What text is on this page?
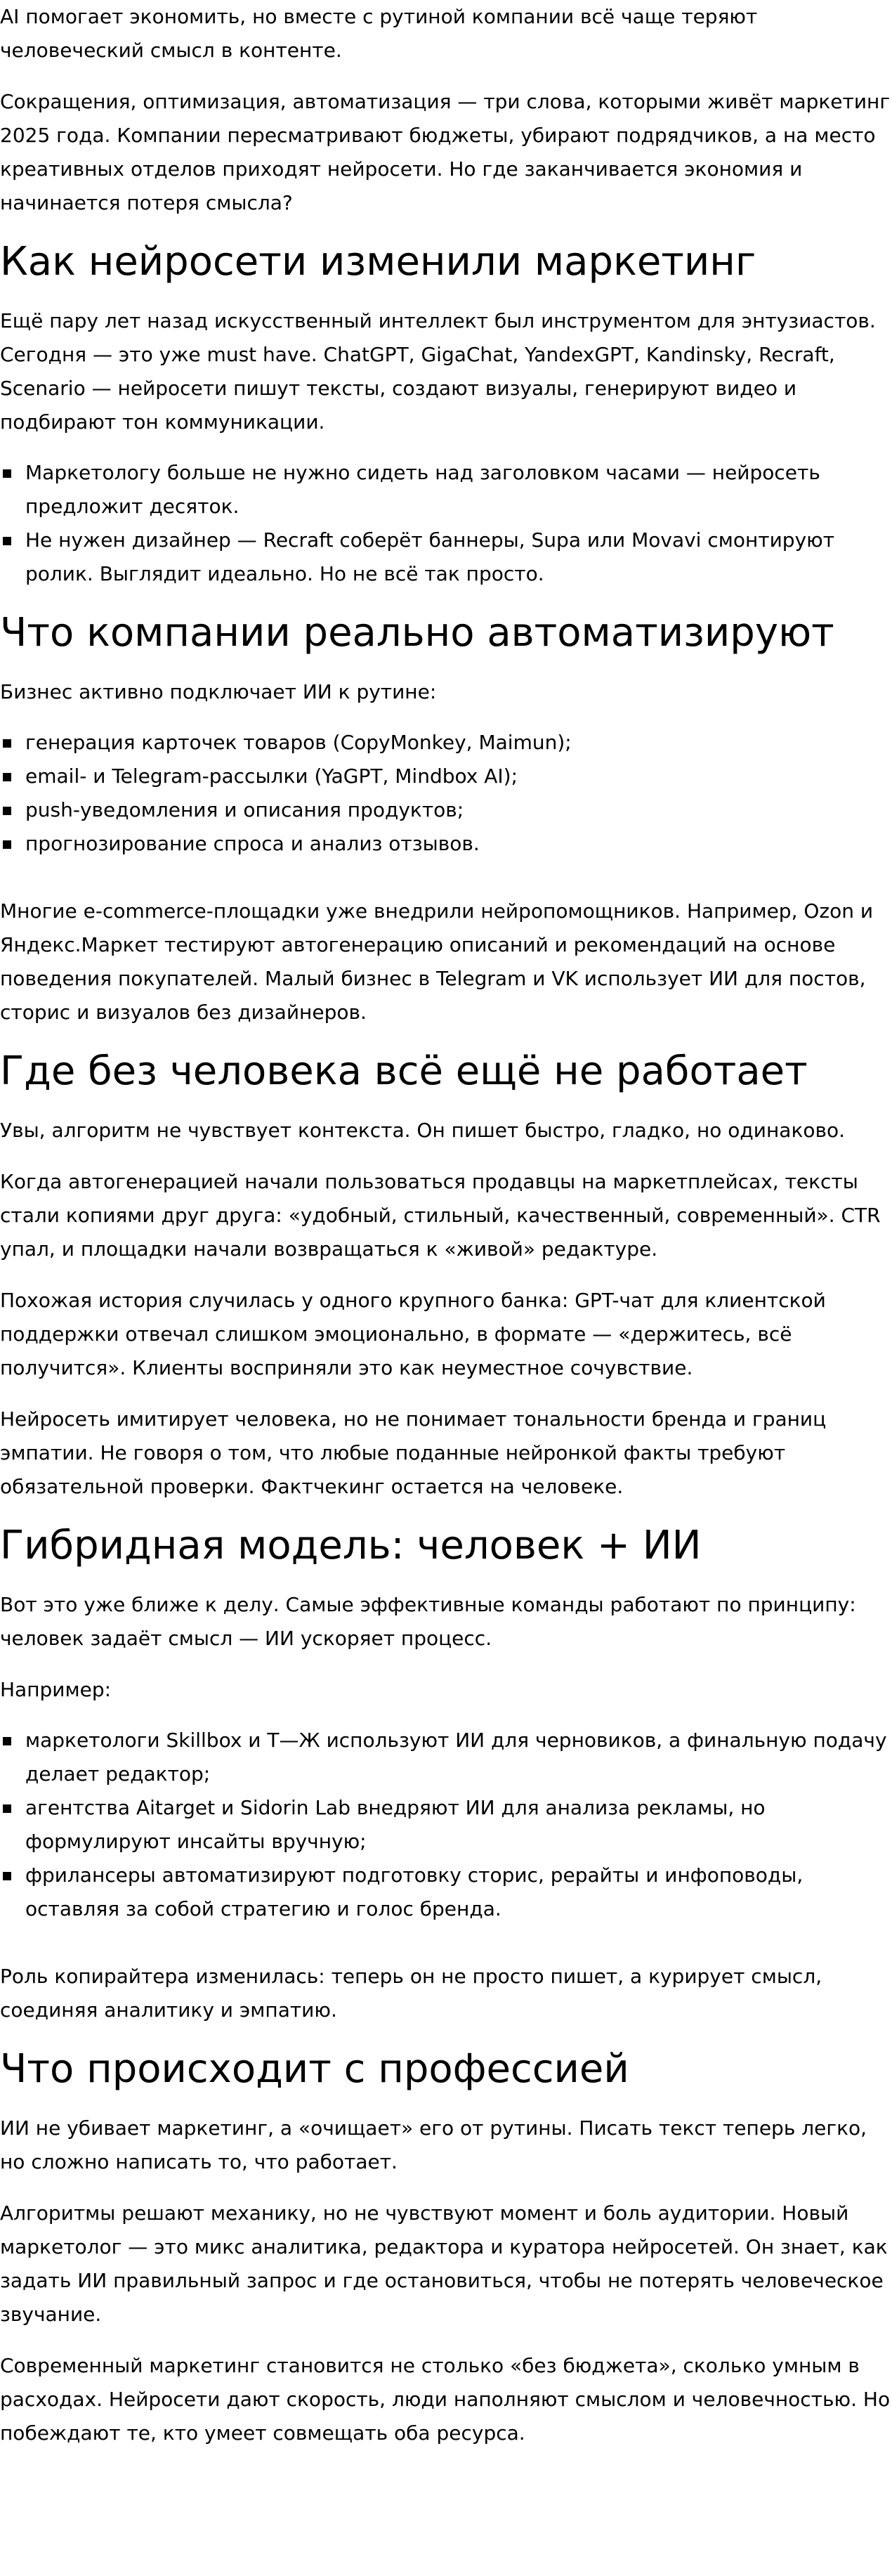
AI помогает экономить, но вместе с рутиной компании всё чаще теряют человеческий смысл в контенте.

Сокращения, оптимизация, автоматизация — три слова, которыми живёт маркетинг 2025 года. Компании пересматривают бюджеты, убирают подрядчиков, а на место креативных отделов приходят нейросети. Но где заканчивается экономия и начинается потеря смысла?

Как нейросети изменили маркетинг

Ещё пару лет назад искусственный интеллект был инструментом для энтузиастов. Сегодня — это уже must have. ChatGPT, GigaChat, YandexGPT, Kandinsky, Recraft, Scenario — нейросети пишут тексты, создают визуалы, генерируют видео и подбирают тон коммуникации.

Маркетологу больше не нужно сидеть над заголовком часами — нейросеть предложит десяток.
Не нужен дизайнер — Recraft соберёт баннеры, Supa или Movavi смонтируют ролик. Выглядит идеально. Но не всё так просто.
Что компании реально автоматизируют

Бизнес активно подключает ИИ к рутине:

генерация карточек товаров (CopyMonkey, Maimun);
email- и Telegram-рассылки (YaGPT, Mindbox AI);
push-уведомления и описания продуктов;
прогнозирование спроса и анализ отзывов.

Многие e-commerce-площадки уже внедрили нейропомощников. Например, Ozon и Яндекс.Маркет тестируют автогенерацию описаний и рекомендаций на основе поведения покупателей. Малый бизнес в Telegram и VK использует ИИ для постов, сторис и визуалов без дизайнеров.

Где без человека всё ещё не работает

Увы, алгоритм не чувствует контекста. Он пишет быстро, гладко, но одинаково.

Когда автогенерацией начали пользоваться продавцы на маркетплейсах, тексты стали копиями друг друга: «удобный, стильный, качественный, современный». CTR упал, и площадки начали возвращаться к «живой» редактуре.

Похожая история случилась у одного крупного банка: GPT-чат для клиентской поддержки отвечал слишком эмоционально, в формате — «держитесь, всё получится». Клиенты восприняли это как неуместное сочувствие.

Нейросеть имитирует человека, но не понимает тональности бренда и границ эмпатии. Не говоря о том, что любые поданные нейронкой факты требуют обязательной проверки. Фактчекинг остается на человеке.

Гибридная модель: человек + ИИ

Вот это уже ближе к делу. Самые эффективные команды работают по принципу: человек задаёт смысл — ИИ ускоряет процесс.

Например:

маркетологи Skillbox и Т—Ж используют ИИ для черновиков, а финальную подачу делает редактор;
агентства Aitarget и Sidorin Lab внедряют ИИ для анализа рекламы, но формулируют инсайты вручную;
фрилансеры автоматизируют подготовку сторис, рерайты и инфоповоды, оставляя за собой стратегию и голос бренда.

Роль копирайтера изменилась: теперь он не просто пишет, а курирует смысл, соединяя аналитику и эмпатию.

Что происходит с профессией

ИИ не убивает маркетинг, а «очищает» его от рутины. Писать текст теперь легко, но сложно написать то, что работает.

Алгоритмы решают механику, но не чувствуют момент и боль аудитории. Новый маркетолог — это микс аналитика, редактора и куратора нейросетей. Он знает, как задать ИИ правильный запрос и где остановиться, чтобы не потерять человеческое звучание.

Современный маркетинг становится не столько «без бюджета», сколько умным в расходах. Нейросети дают скорость, люди наполняют смыслом и человечностью. Но побеждают те, кто умеет совмещать оба ресурса.
